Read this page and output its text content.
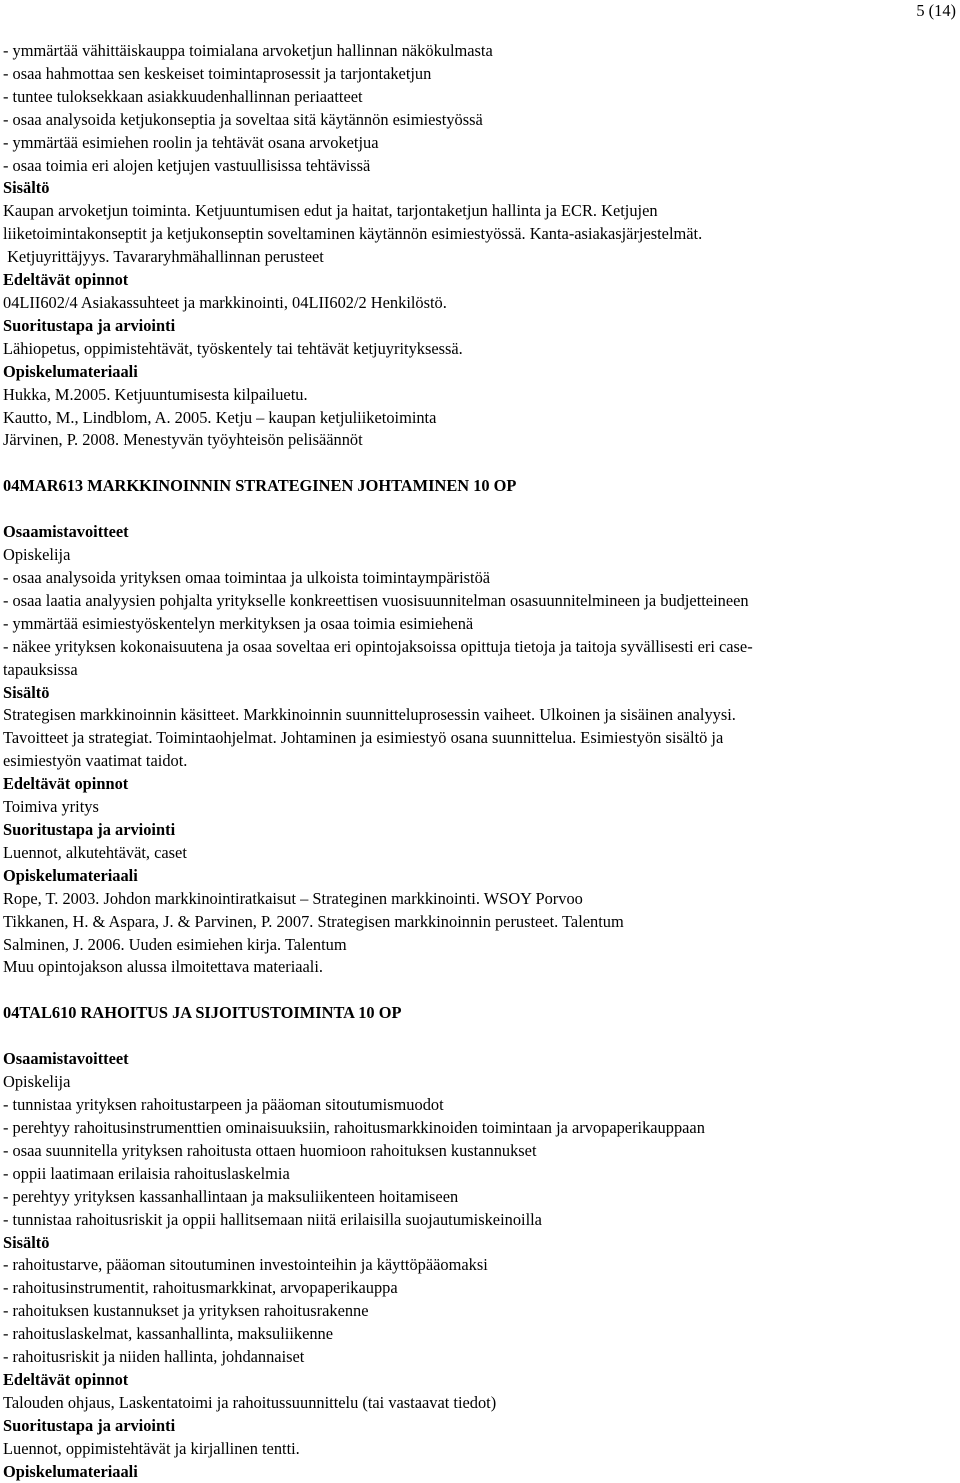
5 (14)
- ymmärtää vähittäiskauppa toimialana arvoketjun hallinnan näkökulmasta
- osaa hahmottaa sen keskeiset toimintaprosessit ja tarjontaketjun
- tuntee tuloksekkaan asiakkuudenhallinnan periaatteet
- osaa analysoida ketjukonseptia ja soveltaa sitä käytännön esimiestyössä
- ymmärtää esimiehen roolin ja tehtävät osana arvoketjua
- osaa toimia eri alojen ketjujen vastuullisissa tehtävissä
Sisältö
Kaupan arvoketjun toiminta. Ketjuuntumisen edut ja haitat, tarjontaketjun hallinta ja ECR. Ketjujen
liiketoimintakonseptit ja ketjukonseptin soveltaminen käytännön esimiestyössä. Kanta-asiakasjärjestelmät.
Ketjuyrittäjyys. Tavararyhmähallinnan perusteet
Edeltävät opinnot
04LII602/4 Asiakassuhteet ja markkinointi, 04LII602/2 Henkilöstö.
Suoritustapa ja arviointi
Lähiopetus, oppimistehtävät, työskentely tai tehtävät ketjuyrityksessä.
Opiskelumateriaali
Hukka, M.2005. Ketjuuntumisesta kilpailuetu.
Kautto, M., Lindblom, A. 2005. Ketju – kaupan ketjuliiketoiminta
Järvinen, P. 2008. Menestyvän työyhteisön pelisäännöt
04MAR613 MARKKINOINNIN STRATEGINEN JOHTAMINEN 10 OP
Osaamistavoitteet
Opiskelija
- osaa analysoida yrityksen omaa toimintaa ja ulkoista toimintaympäristöä
- osaa laatia analyysien pohjalta yritykselle konkreettisen vuosisuunnitelman osasuunnitelmineen ja budjetteineen
- ymmärtää esimiestyöskentelyn merkityksen ja osaa toimia esimiehenä
- näkee yrityksen kokonaisuutena ja osaa soveltaa eri opintojaksoissa opittuja tietoja ja taitoja syvällisesti eri case-
tapauksissa
Sisältö
Strategisen markkinoinnin käsitteet. Markkinoinnin suunnitteluprosessin vaiheet. Ulkoinen ja sisäinen analyysi.
Tavoitteet ja strategiat. Toimintaohjelmat. Johtaminen ja esimiestyö osana suunnittelua. Esimiestyön sisältö ja
esimiestyön vaatimat taidot.
Edeltävät opinnot
Toimiva yritys
Suoritustapa ja arviointi
Luennot, alkutehtävät, caset
Opiskelumateriaali
Rope, T. 2003. Johdon markkinointiratkaisut – Strateginen markkinointi. WSOY Porvoo
Tikkanen, H. & Aspara, J. & Parvinen, P. 2007. Strategisen markkinoinnin perusteet. Talentum
Salminen, J. 2006. Uuden esimiehen kirja. Talentum
Muu opintojakson alussa ilmoitettava materiaali.
04TAL610 RAHOITUS JA SIJOITUSTOIMINTA 10 OP
Osaamistavoitteet
Opiskelija
- tunnistaa yrityksen rahoitustarpeen ja pääoman sitoutumismuodot
- perehtyy rahoitusinstrumenttien ominaisuuksiin, rahoitusmarkkinoiden toimintaan ja arvopaperikauppaan
- osaa suunnitella yrityksen rahoitusta ottaen huomioon rahoituksen kustannukset
- oppii laatimaan erilaisia rahoituslaskelmia
- perehtyy yrityksen kassanhallintaan ja maksuliikenteen hoitamiseen
- tunnistaa rahoitusriskit ja oppii hallitsemaan niitä erilaisilla suojautumiskeinoilla
Sisältö
- rahoitustarve, pääoman sitoutuminen investointeihin ja käyttöpääomaksi
- rahoitusinstrumentit, rahoitusmarkkinat, arvopaperikauppa
- rahoituksen kustannukset ja yrityksen rahoitusrakenne
- rahoituslaskelmat, kassanhallinta, maksuliikenne
- rahoitusriskit ja niiden hallinta, johdannaiset
Edeltävät opinnot
Talouden ohjaus, Laskentatoimi ja rahoitussuunnittelu (tai vastaavat tiedot)
Suoritustapa ja arviointi
Luennot, oppimistehtävät ja kirjallinen tentti.
Opiskelumateriaali
